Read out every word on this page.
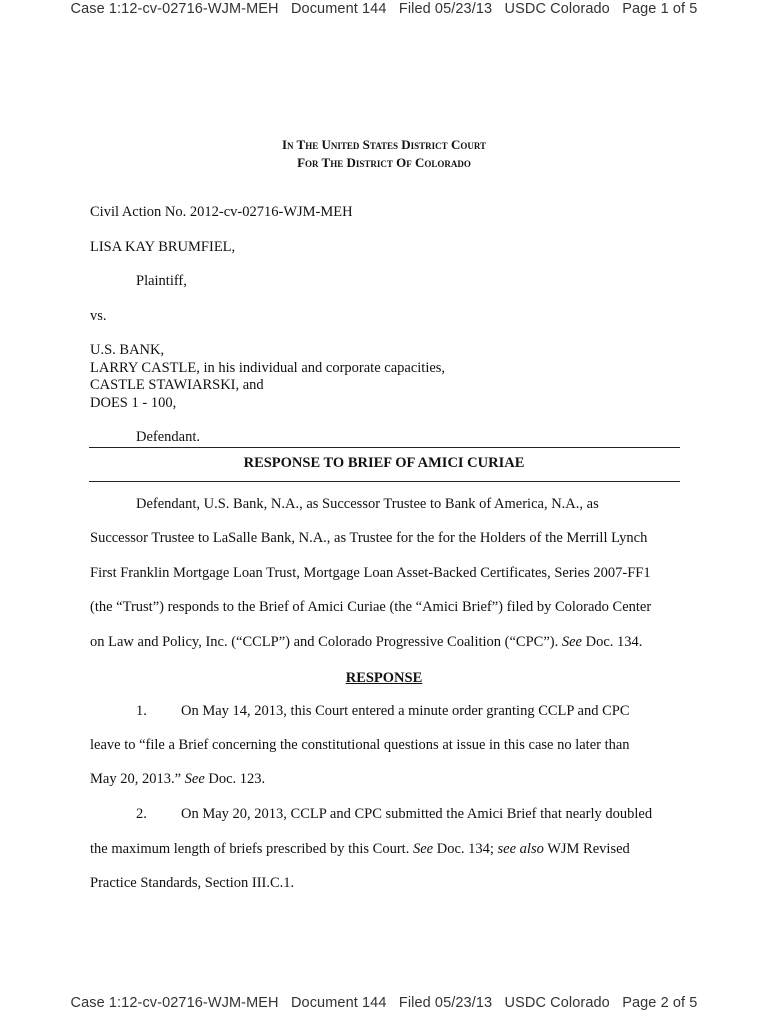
Case 1:12-cv-02716-WJM-MEH   Document 144   Filed 05/23/13   USDC Colorado   Page 1 of 5
In The United States District Court
For The District Of Colorado
Civil Action No. 2012-cv-02716-WJM-MEH
LISA KAY BRUMFIEL,
Plaintiff,
vs.
U.S. BANK,
LARRY CASTLE, in his individual and corporate capacities,
CASTLE STAWIARSKI, and
DOES 1 - 100,
Defendant.
RESPONSE TO BRIEF OF AMICI CURIAE
Defendant, U.S. Bank, N.A., as Successor Trustee to Bank of America, N.A., as
Successor Trustee to LaSalle Bank, N.A., as Trustee for the for the Holders of the Merrill Lynch
First Franklin Mortgage Loan Trust, Mortgage Loan Asset-Backed Certificates, Series 2007-FF1
(the “Trust”) responds to the Brief of Amici Curiae (the “Amici Brief”) filed by Colorado Center
on Law and Policy, Inc. (“CCLP”) and Colorado Progressive Coalition (“CPC”). See Doc. 134.
RESPONSE
1. On May 14, 2013, this Court entered a minute order granting CCLP and CPC
leave to “file a Brief concerning the constitutional questions at issue in this case no later than
May 20, 2013.” See Doc. 123.
2. On May 20, 2013, CCLP and CPC submitted the Amici Brief that nearly doubled
the maximum length of briefs prescribed by this Court. See Doc. 134; see also WJM Revised
Practice Standards, Section III.C.1.
Case 1:12-cv-02716-WJM-MEH   Document 144   Filed 05/23/13   USDC Colorado   Page 2 of 5
